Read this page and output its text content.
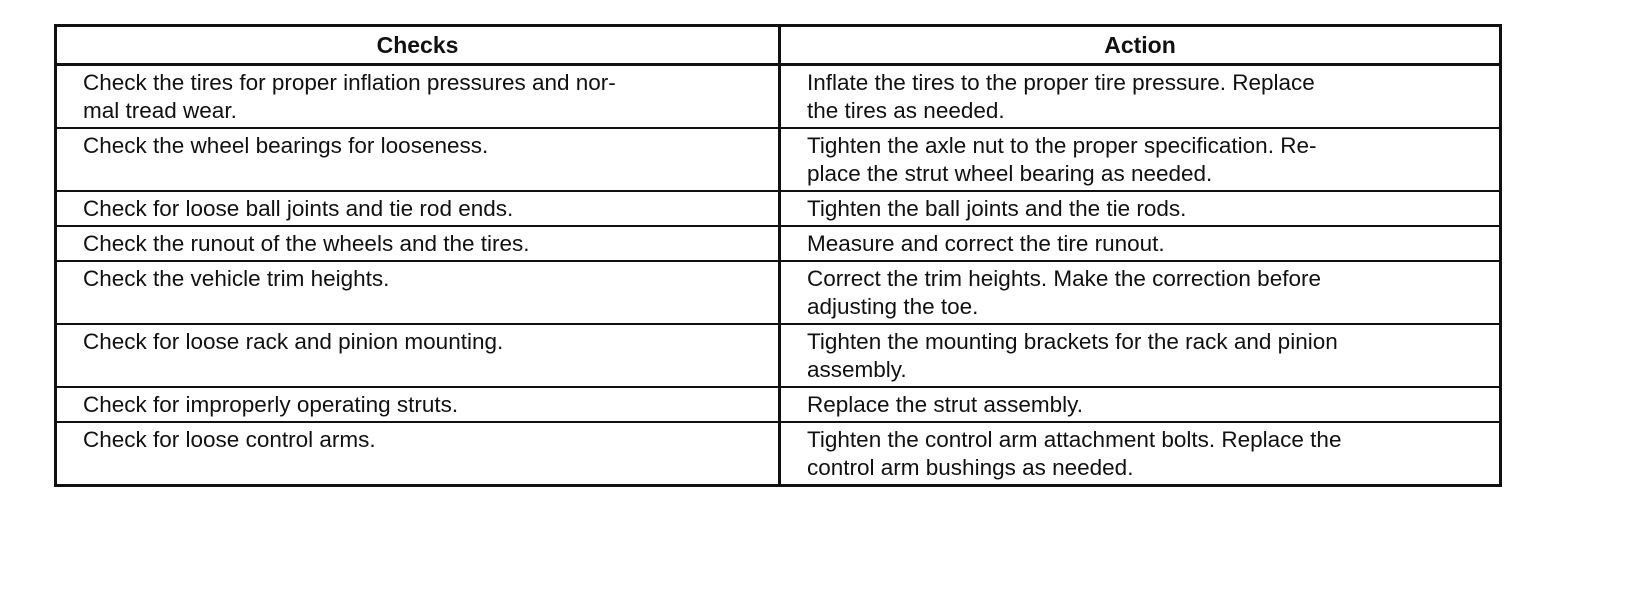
Checks	Action
Check the tires for proper inflation pressures and nor-
mal tread wear.	Inflate the tires to the proper tire pressure. Replace
the tires as needed.
Check the wheel bearings for looseness.	Tighten the axle nut to the proper specification. Re-
place the strut wheel bearing as needed.
Check for loose ball joints and tie rod ends.	Tighten the ball joints and the tie rods.
Check the runout of the wheels and the tires.	Measure and correct the tire runout.
Check the vehicle trim heights.	Correct the trim heights. Make the correction before
adjusting the toe.
Check for loose rack and pinion mounting.	Tighten the mounting brackets for the rack and pinion
assembly.
Check for improperly operating struts.	Replace the strut assembly.
Check for loose control arms.	Tighten the control arm attachment bolts. Replace the
control arm bushings as needed.
